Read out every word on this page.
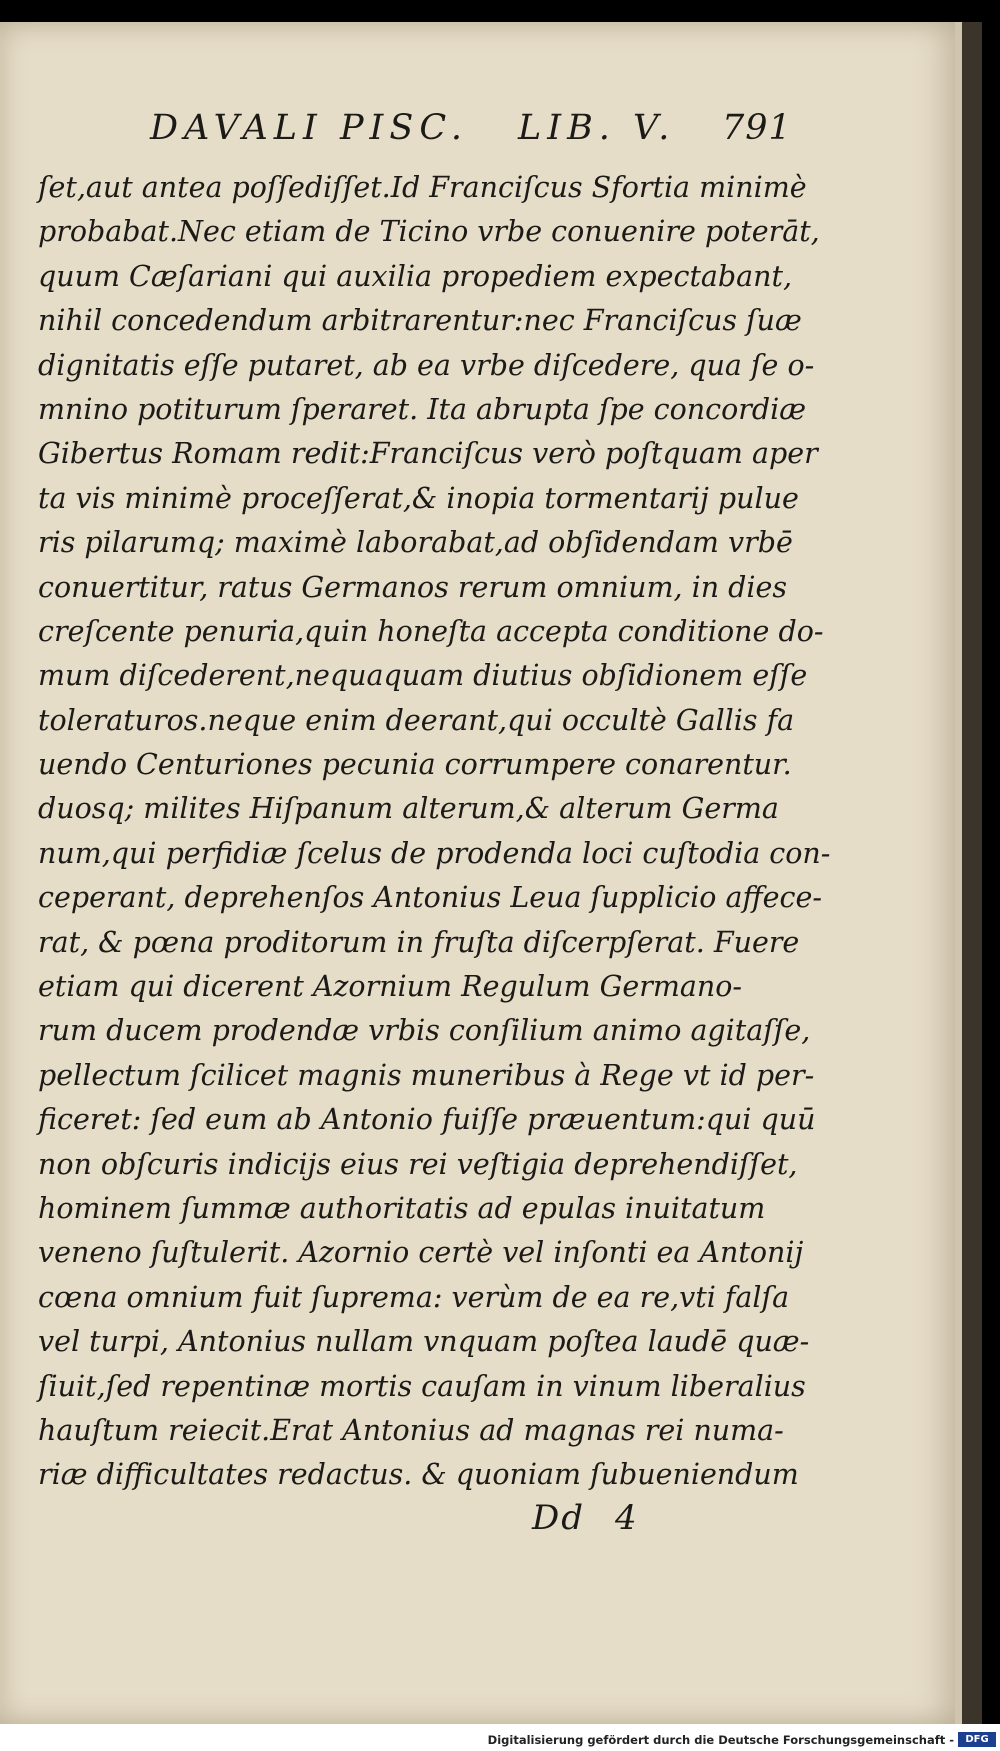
DAVALI PISC. LIB. V. 791
ſet,aut antea poſſediſſet.Id Franciſcus Sfortia minimè
probabat.Nec etiam de Ticino vrbe conuenire poterāt,
quum Cæſariani qui auxilia propediem expectabant,
nihil concedendum arbitrarentur:nec Franciſcus ſuæ
dignitatis eſſe putaret, ab ea vrbe diſcedere, qua ſe o-
mnino potiturum ſperaret. Ita abrupta ſpe concordiæ
Gibertus Romam redit:Franciſcus verò poſtquam aper
ta vis minimè proceſſerat,& inopia tormentarij pulue
ris pilarumq; maximè laborabat,ad obſidendam vrbē
conuertitur, ratus Germanos rerum omnium, in dies
creſcente penuria,quin honeſta accepta conditione do-
mum diſcederent,nequaquam diutius obſidionem eſſe
toleraturos.neque enim deerant,qui occultè Gallis fa
uendo Centuriones pecunia corrumpere conarentur.
duosq; milites Hiſpanum alterum,& alterum Germa
num,qui perfidiæ ſcelus de prodenda loci cuſtodia con-
ceperant, deprehenſos Antonius Leua ſupplicio affece-
rat, & pœna proditorum in fruſta diſcerpſerat. Fuere
etiam qui dicerent Azornium Regulum Germano-
rum ducem prodendæ vrbis conſilium animo agitaſſe,
pellectum ſcilicet magnis muneribus à Rege vt id per-
ficeret: ſed eum ab Antonio fuiſſe præuentum:qui quū
non obſcuris indicijs eius rei veſtigia deprehendiſſet,
hominem ſummæ authoritatis ad epulas inuitatum
veneno ſuſtulerit. Azornio certè vel inſonti ea Antonij
cœna omnium fuit ſuprema: verùm de ea re,vti falſa
vel turpi, Antonius nullam vnquam poſtea laudē quæ-
ſiuit,ſed repentinæ mortis cauſam in vinum liberalius
hauſtum reiecit.Erat Antonius ad magnas rei numa-
riæ difficultates redactus. & quoniam ſubueniendum
Dd 4
Digitalisierung gefördert durch die Deutsche Forschungsgemeinschaft -	DFG
